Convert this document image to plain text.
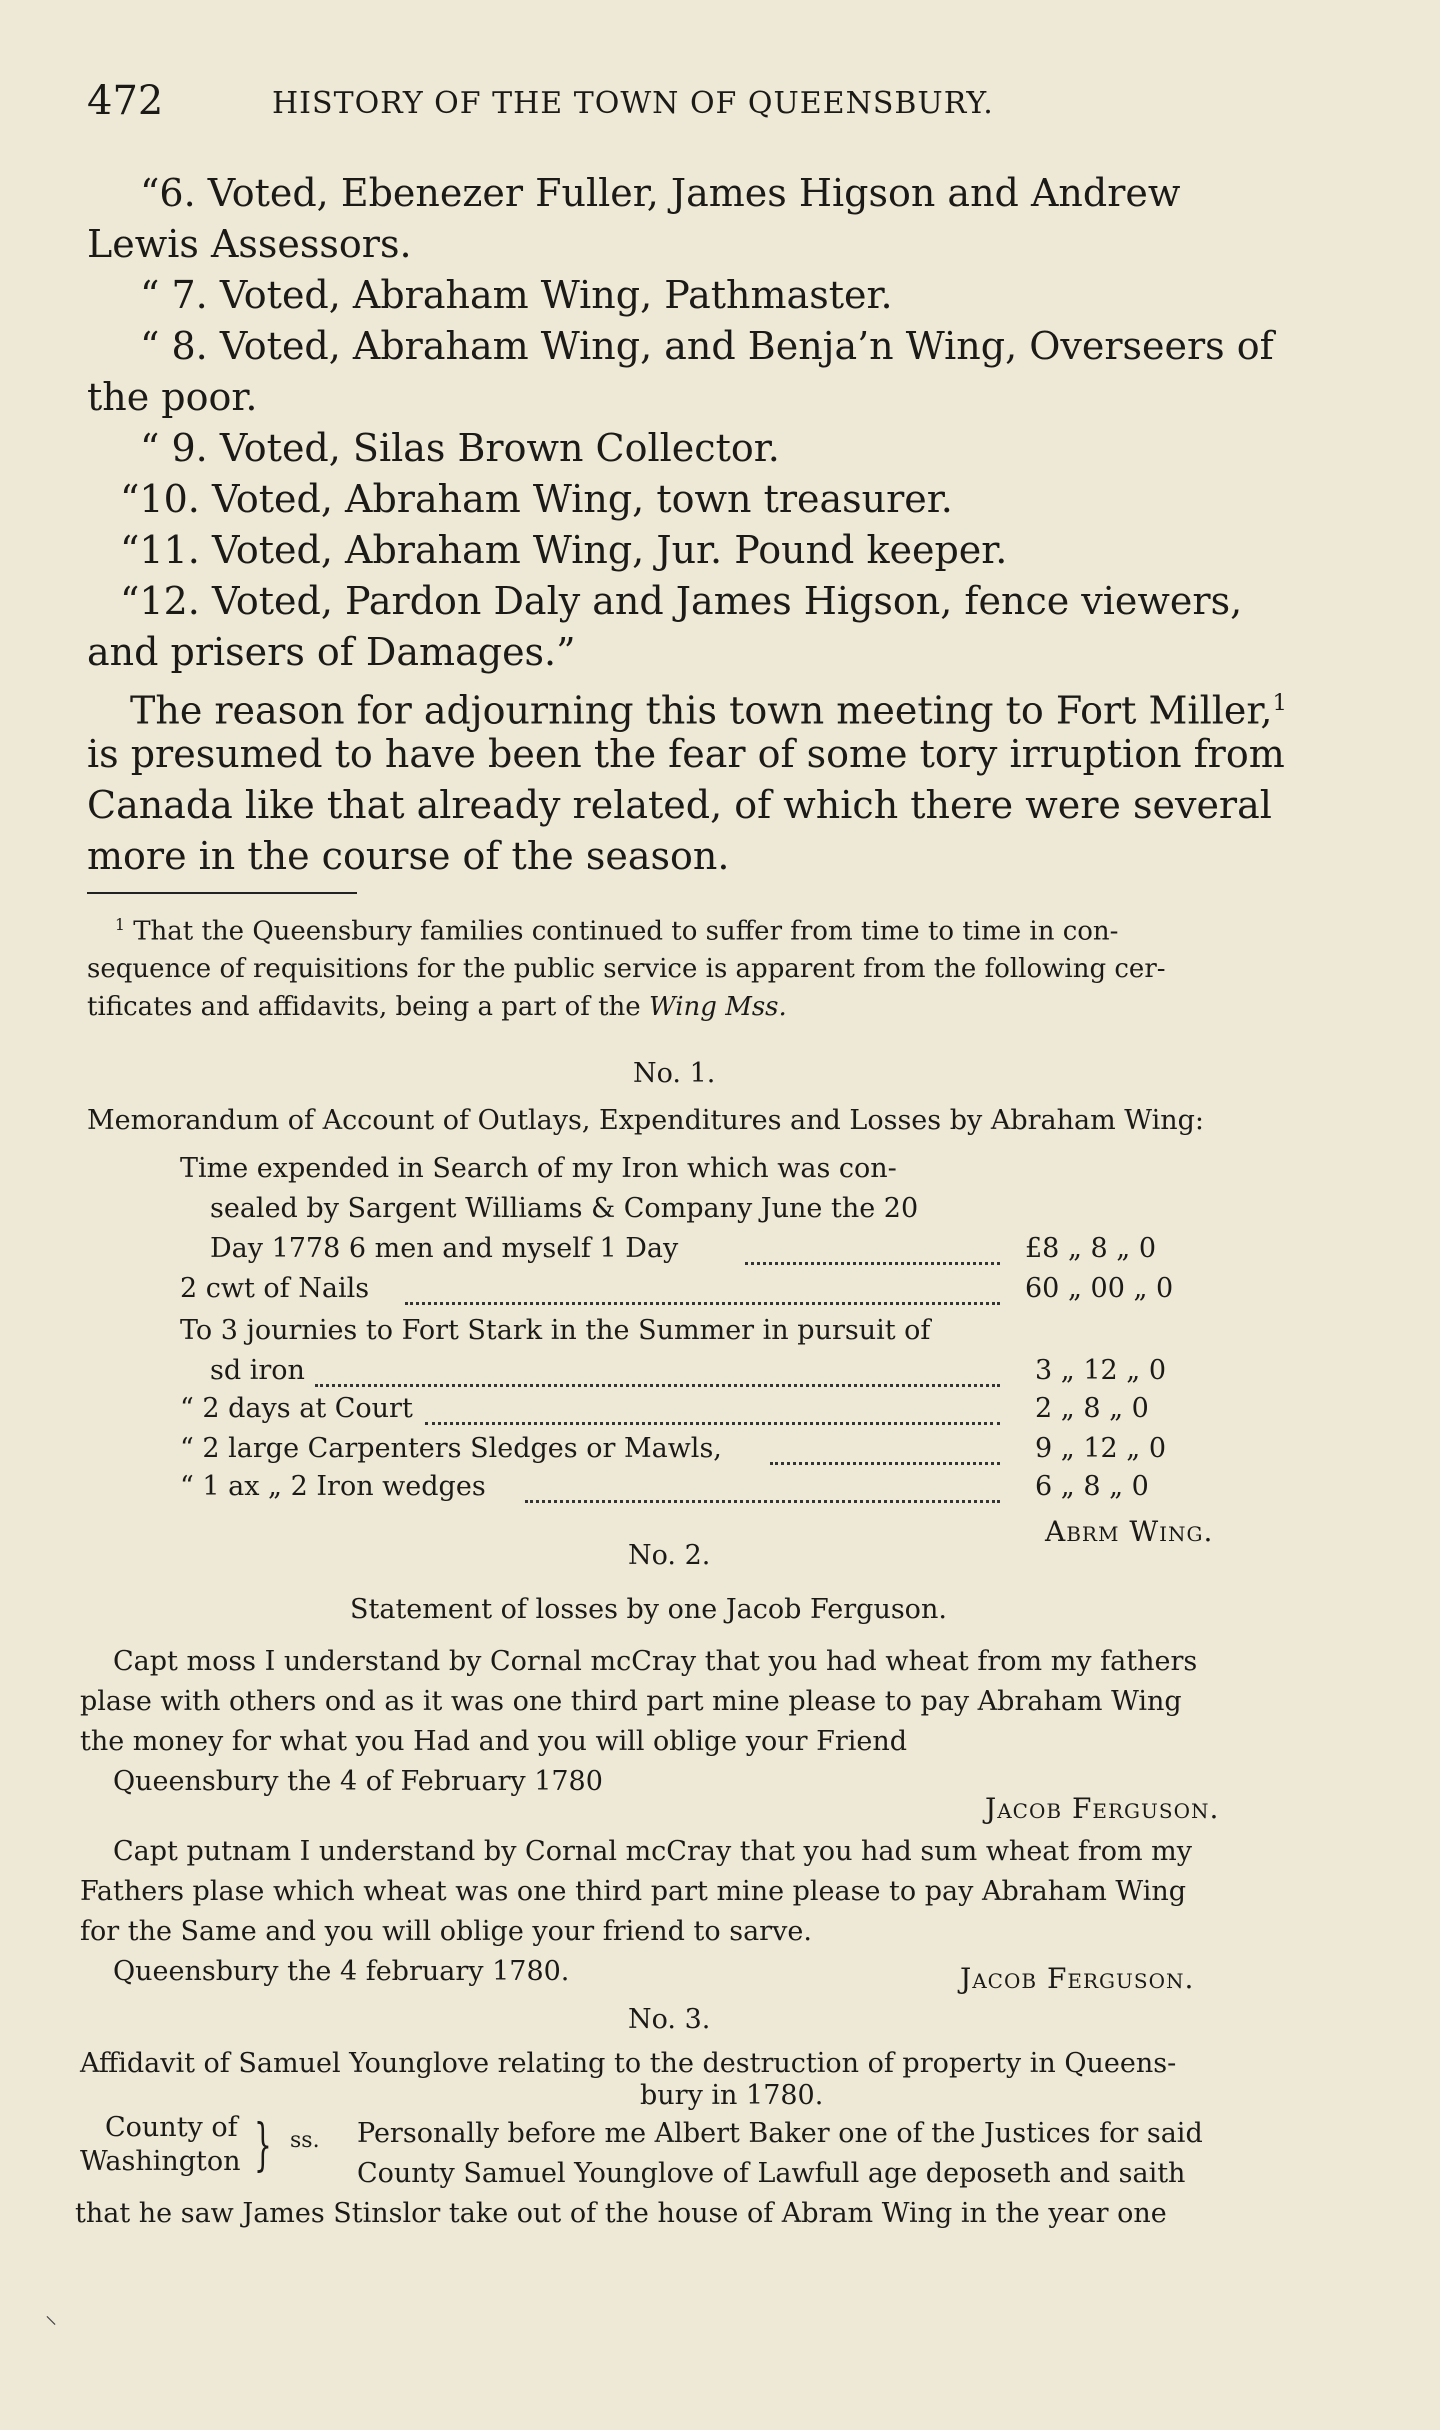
472	HISTORY OF THE TOWN OF QUEENSBURY.
“6. Voted, Ebenezer Fuller, James Higson and Andrew
Lewis Assessors.
“ 7. Voted, Abraham Wing, Pathmaster.
“ 8. Voted, Abraham Wing, and Benja’n Wing, Overseers of
the poor.
“ 9. Voted, Silas Brown Collector.
“10. Voted, Abraham Wing, town treasurer.
“11. Voted, Abraham Wing, Jur. Pound keeper.
“12. Voted, Pardon Daly and James Higson, fence viewers,
and prisers of Damages.”
The reason for adjourning this town meeting to Fort Miller,$^1$
is presumed to have been the fear of some tory irruption from
Canada like that already related, of which there were several
more in the course of the season.
$^1$ That the Queensbury families continued to suffer from time to time in con-
sequence of requisitions for the public service is apparent from the following cer-
tificates and affidavits, being a part of the Wing Mss.
No. 1.
Memorandum of Account of Outlays, Expenditures and Losses by Abraham Wing:
Time expended in Search of my Iron which was con-
sealed by Sargent Williams & Company June the 20
Day 1778 6 men and myself 1 Day	£8 „ 8 „ 0
2 cwt of Nails	60 „ 00 „ 0
To 3 journies to Fort Stark in the Summer in pursuit of
sd iron	3 „ 12 „ 0
“ 2 days at Court	2 „ 8 „ 0
“ 2 large Carpenters Sledges or Mawls,	9 „ 12 „ 0
“ 1 ax „ 2 Iron wedges	6 „ 8 „ 0
Abrm Wing.
No. 2.
Statement of losses by one Jacob Ferguson.
Capt moss I understand by Cornal mcCray that you had wheat from my fathers
plase with others ond as it was one third part mine please to pay Abraham Wing
the money for what you Had and you will oblige your Friend
Queensbury the 4 of February 1780
Jacob Ferguson.
Capt putnam I understand by Cornal mcCray that you had sum wheat from my
Fathers plase which wheat was one third part mine please to pay Abraham Wing
for the Same and you will oblige your friend to sarve.
Queensbury the 4 february 1780.	Jacob Ferguson.
No. 3.
Affidavit of Samuel Younglove relating to the destruction of property in Queens-
bury in 1780.
County of
Washington } ss. Personally before me Albert Baker one of the Justices for said
County Samuel Younglove of Lawfull age deposeth and saith
that he saw James Stinslor take out of the house of Abram Wing in the year one
⸜
